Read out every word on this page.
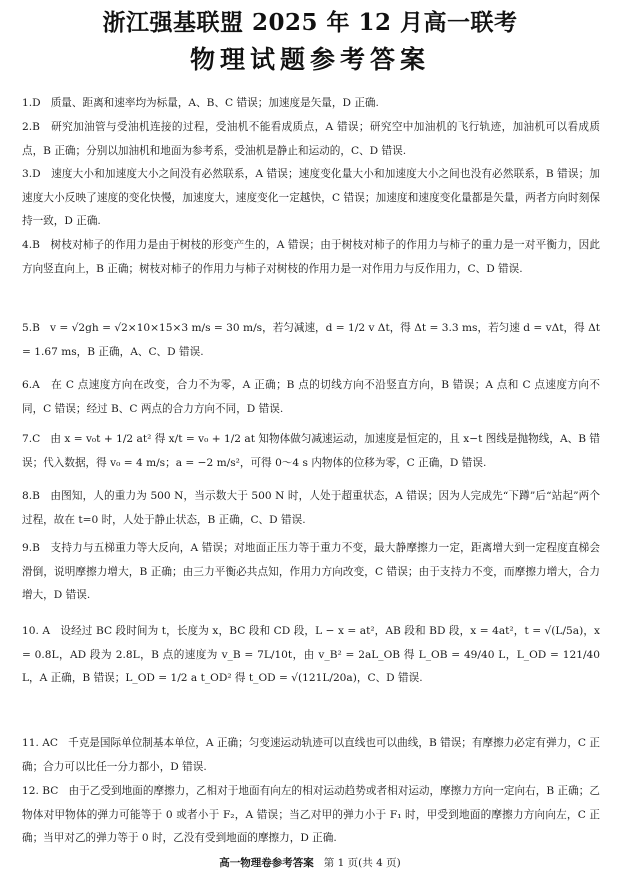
浙江强基联盟 2025 年 12 月高一联考
物理试题参考答案
1.D 质量、距离和速率均为标量，A、B、C 错误；加速度是矢量，D 正确.
2.B 研究加油管与受油机连接的过程，受油机不能看成质点，A 错误；研究空中加油机的飞行轨迹，加油机可以看成质点，B 正确；分别以加油机和地面为参考系，受油机是静止和运动的，C、D 错误.
3.D 速度大小和加速度大小之间没有必然联系，A 错误；速度变化量大小和加速度大小之间也没有必然联系，B 错误；加速度大小反映了速度的变化快慢，加速度大，速度变化一定越快，C 错误；加速度和速度变化量都是矢量，两者方向时刻保持一致，D 正确.
4.B 树枝对柿子的作用力是由于树枝的形变产生的，A 错误；由于树枝对柿子的作用力与柿子的重力是一对平衡力，因此方向竖直向上，B 正确；树枝对柿子的作用力与柿子对树枝的作用力是一对作用力与反作用力，C、D 错误.
5.B v = √2gh = √2×10×15×3 m/s = 30 m/s，若匀减速，d = 1/2 v Δt，得 Δt = 3.3 ms，若匀速 d = vΔt，得 Δt = 1.67 ms，B 正确，A、C、D 错误.
6.A 在 C 点速度方向在改变，合力不为零，A 正确；B 点的切线方向不沿竖直方向，B 错误；A 点和 C 点速度方向不同，C 错误；经过 B、C 两点的合力方向不同，D 错误.
7.C 由 x = v₀t + 1/2 at² 得 x/t = v₀ + 1/2 at 知物体做匀减速运动，加速度是恒定的，且 x−t 图线是抛物线，A、B 错误；代入数据，得 v₀ = 4 m/s；a = −2 m/s²，可得 0～4 s 内物体的位移为零，C 正确，D 错误.
8.B 由图知，人的重力为 500 N，当示数大于 500 N 时，人处于超重状态，A 错误；因为人完成先“下蹲”后“站起”两个过程，故在 t=0 时，人处于静止状态，B 正确，C、D 错误.
9.B 支持力与五梯重力等大反向，A 错误；对地面正压力等于重力不变，最大静摩擦力一定，距离增大到一定程度直梯会滑倒，说明摩擦力增大，B 正确；由三力平衡必共点知，作用力方向改变，C 错误；由于支持力不变，而摩擦力增大，合力增大，D 错误.
10. A 设经过 BC 段时间为 t，长度为 x，BC 段和 CD 段，L − x = at²，AB 段和 BD 段，x = 4at²，t = √(L/5a)，x = 0.8L，AD 段为 2.8L，B 点的速度为 v_B = 7L/10t，由 v_B² = 2aL_OB 得 L_OB = 49/40 L，L_OD = 121/40 L，A 正确，B 错误；L_OD = 1/2 a t_OD² 得 t_OD = √(121L/20a)，C、D 错误.
11. AC 千克是国际单位制基本单位，A 正确；匀变速运动轨迹可以直线也可以曲线，B 错误；有摩擦力必定有弹力，C 正确；合力可以比任一分力都小，D 错误.
12. BC 由于乙受到地面的摩擦力，乙相对于地面有向左的相对运动趋势或者相对运动，摩擦力方向一定向右，B 正确；乙物体对甲物体的弹力可能等于 0 或者小于 F₂，A 错误；当乙对甲的弹力小于 F₁ 时，甲受到地面的摩擦力方向向左，C 正确；当甲对乙的弹力等于 0 时，乙没有受到地面的摩擦力，D 正确.
高一物理卷参考答案 第 1 页(共 4 页)
